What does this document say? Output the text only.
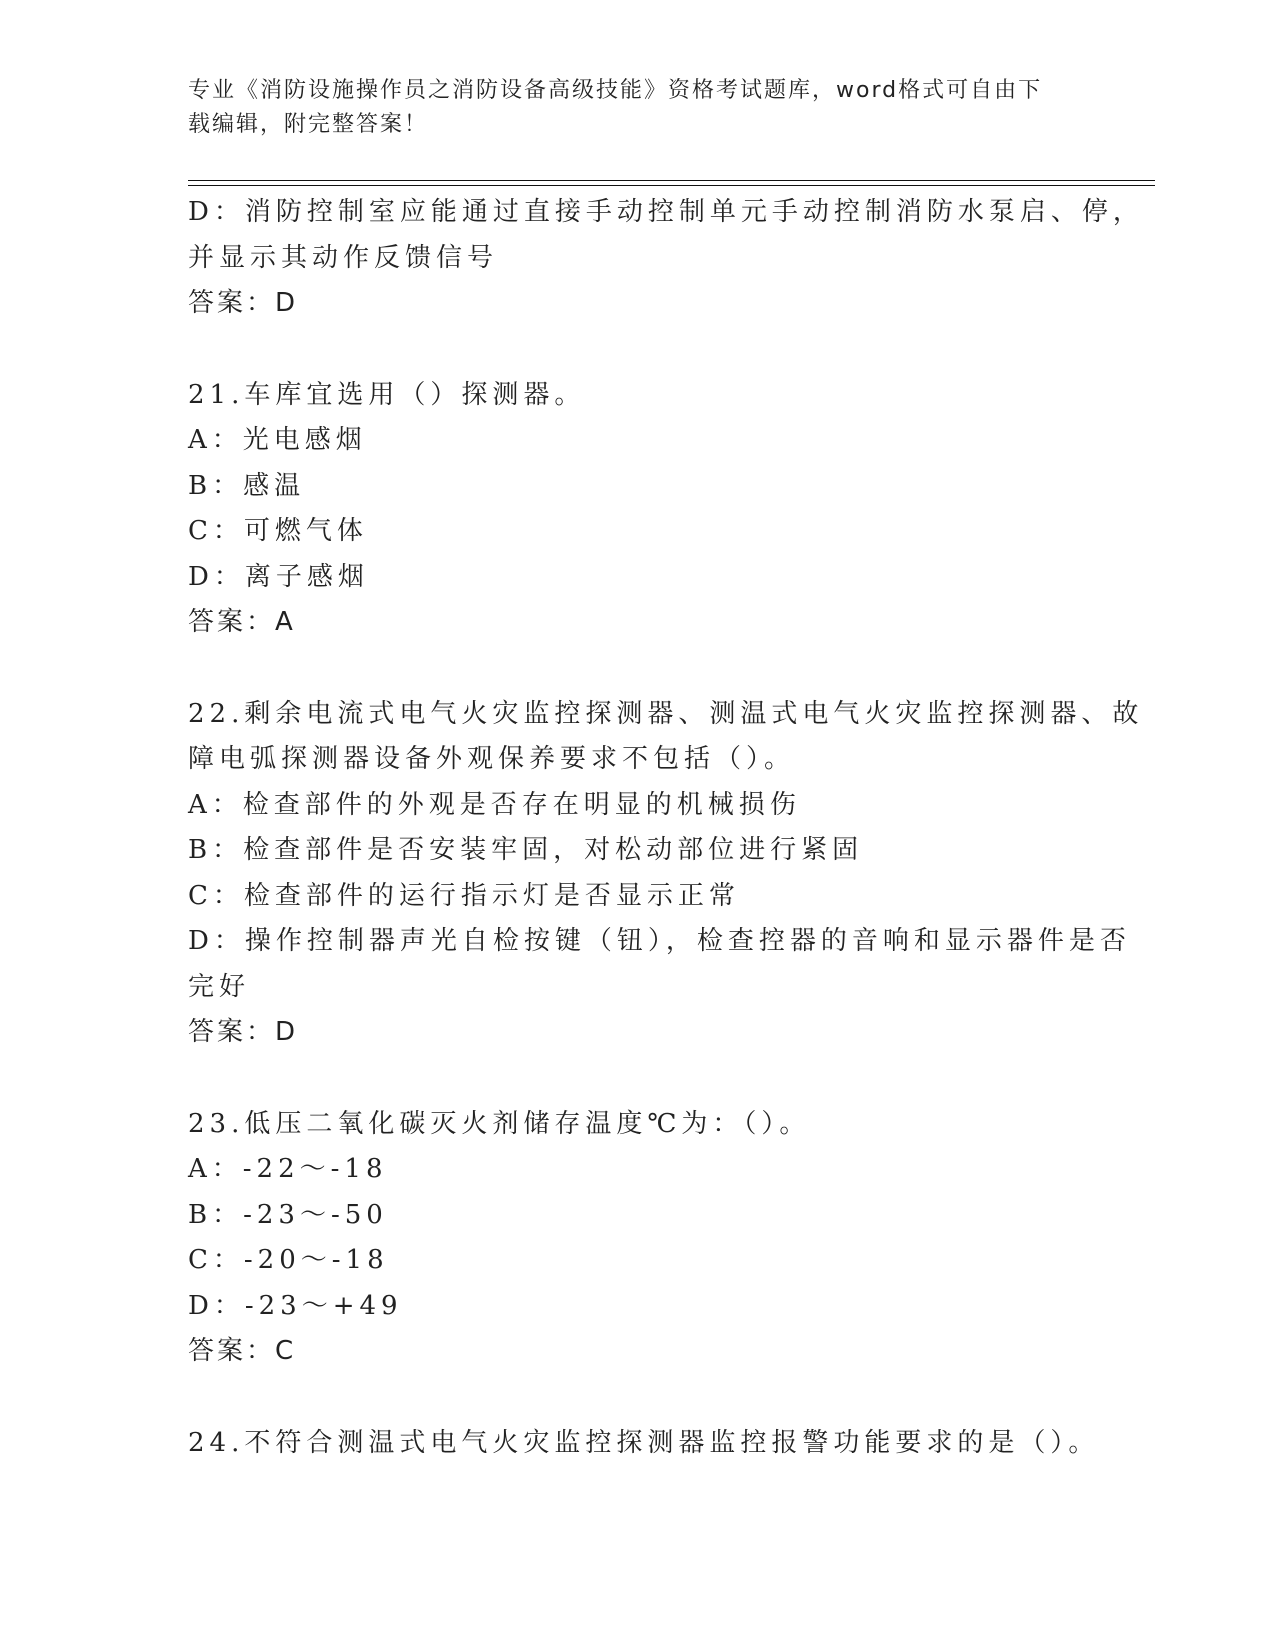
专业《消防设施操作员之消防设备高级技能》资格考试题库，word格式可自由下
载编辑，附完整答案！
D：消防控制室应能通过直接手动控制单元手动控制消防水泵启、停，
并显示其动作反馈信号
答案：D
21.车库宜选用（）探测器。
A：光电感烟
B：感温
C：可燃气体
D：离子感烟
答案：A
22.剩余电流式电气火灾监控探测器、测温式电气火灾监控探测器、故
障电弧探测器设备外观保养要求不包括（）。
A：检查部件的外观是否存在明显的机械损伤
B：检查部件是否安装牢固，对松动部位进行紧固
C：检查部件的运行指示灯是否显示正常
D：操作控制器声光自检按键（钮），检查控器的音响和显示器件是否
完好
答案：D
23.低压二氧化碳灭火剂储存温度℃为：（）。
A：-22～-18
B：-23～-50
C：-20～-18
D：-23～+49
答案：C
24.不符合测温式电气火灾监控探测器监控报警功能要求的是（）。
